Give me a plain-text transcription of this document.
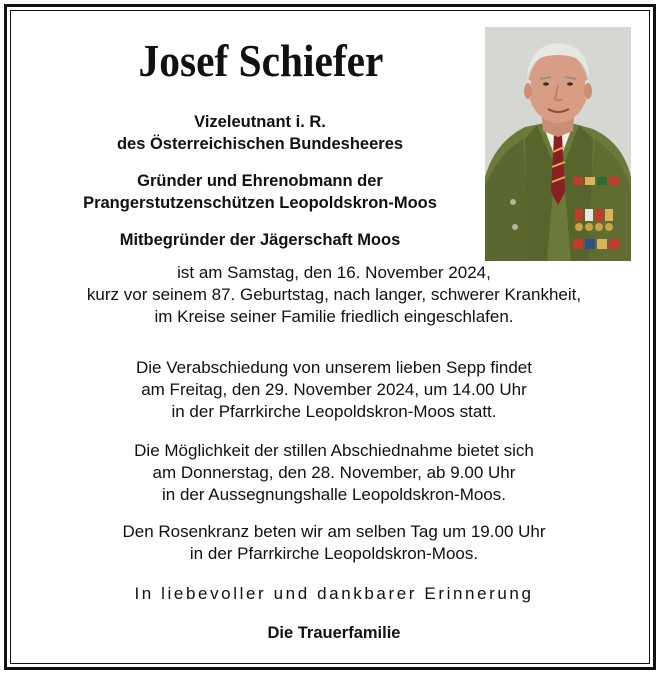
Josef Schiefer

Vizeleutnant i. R.

des Österreichischen Bundesheeres

Gründer und Ehrenobmann der

Prangerstutzenschützen Leopoldskron-Moos

Mitbegründer der Jägerschaft Moos

ist am Samstag, den 16. November 2024,

kurz vor seinem 87. Geburtstag, nach langer, schwerer Krankheit,

im Kreise seiner Familie friedlich eingeschlafen.

Die Verabschiedung von unserem lieben Sepp findet

am Freitag, den 29. November 2024, um 14.00 Uhr

in der Pfarrkirche Leopoldskron-Moos statt.

Die Möglichkeit der stillen Abschiednahme bietet sich

am Donnerstag, den 28. November, ab 9.00 Uhr

in der Aussegnungshalle Leopoldskron-Moos.

Den Rosenkranz beten wir am selben Tag um 19.00 Uhr

in der Pfarrkirche Leopoldskron-Moos.

In liebevoller und dankbarer Erinnerung
Die Trauerfamilie
